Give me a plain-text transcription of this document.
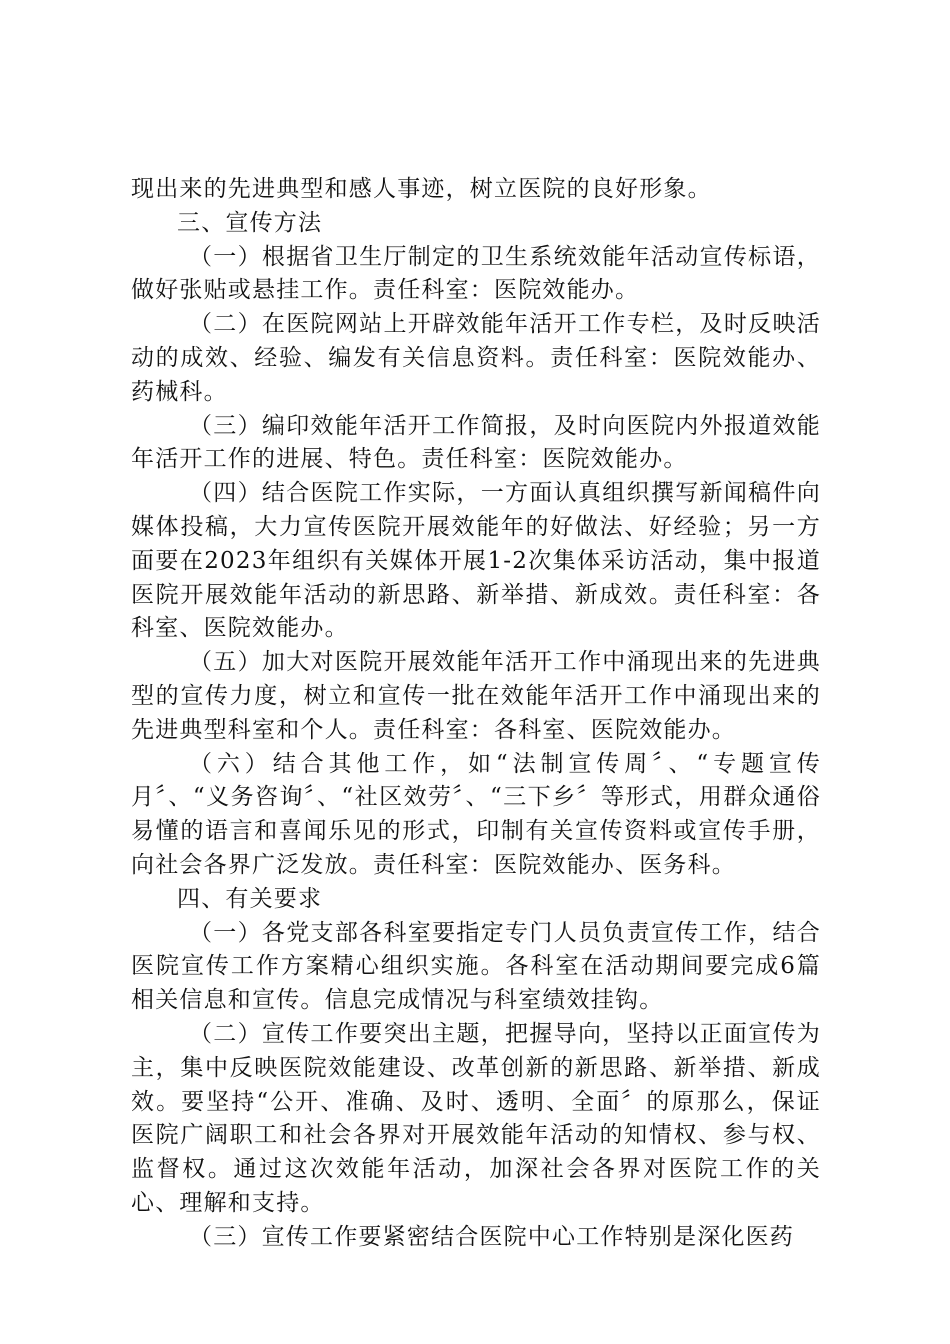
现出来的先进典型和感人事迹，树立医院的良好形象。

三、宣传方法

（一）根据省卫生厅制定的卫生系统效能年活动宣传标语，做好张贴或悬挂工作。责任科室：医院效能办。

（二）在医院网站上开辟效能年活开工作专栏，及时反映活动的成效、经验、编发有关信息资料。责任科室：医院效能办、药械科。

（三）编印效能年活开工作简报，及时向医院内外报道效能年活开工作的进展、特色。责任科室：医院效能办。

（四）结合医院工作实际，一方面认真组织撰写新闻稿件向媒体投稿，大力宣传医院开展效能年的好做法、好经验；另一方面要在2023年组织有关媒体开展1-2次集体采访活动，集中报道医院开展效能年活动的新思路、新举措、新成效。责任科室：各科室、医院效能办。

（五）加大对医院开展效能年活开工作中涌现出来的先进典型的宣传力度，树立和宣传一批在效能年活开工作中涌现出来的先进典型科室和个人。责任科室：各科室、医院效能办。

（六）结合其他工作，如“法制宣传周〞、“专题宣传月〞、“义务咨询〞、“社区效劳〞、“三下乡〞等形式，用群众通俗易懂的语言和喜闻乐见的形式，印制有关宣传资料或宣传手册，向社会各界广泛发放。责任科室：医院效能办、医务科。

四、有关要求

（一）各党支部各科室要指定专门人员负责宣传工作，结合医院宣传工作方案精心组织实施。各科室在活动期间要完成6篇相关信息和宣传。信息完成情况与科室绩效挂钩。

（二）宣传工作要突出主题，把握导向，坚持以正面宣传为主，集中反映医院效能建设、改革创新的新思路、新举措、新成效。要坚持“公开、准确、及时、透明、全面〞的原那么，保证医院广阔职工和社会各界对开展效能年活动的知情权、参与权、监督权。通过这次效能年活动，加深社会各界对医院工作的关心、理解和支持。

（三）宣传工作要紧密结合医院中心工作特别是深化医药
